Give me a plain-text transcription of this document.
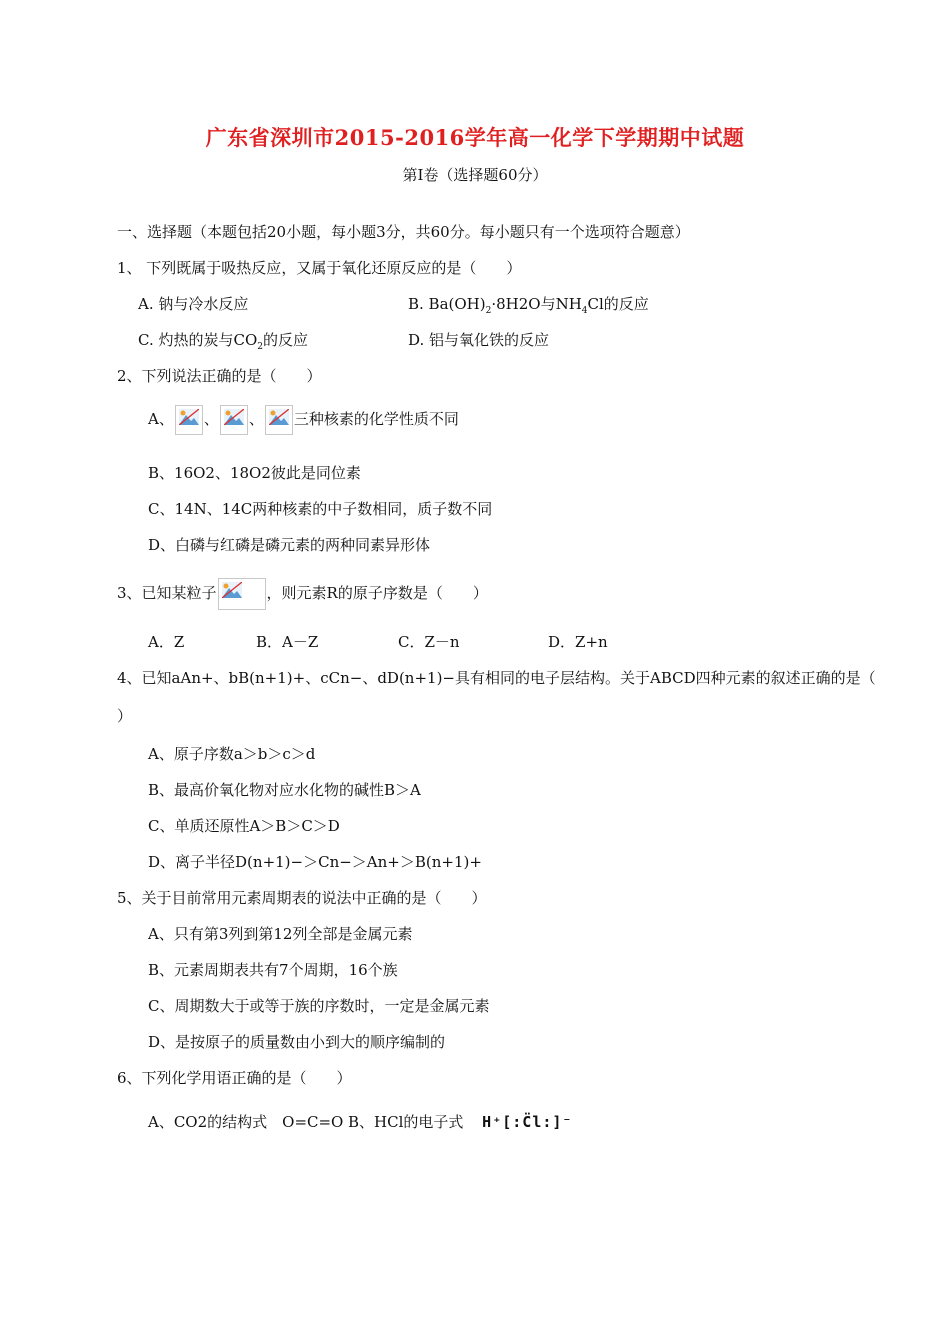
广东省深圳市2015-2016学年高一化学下学期期中试题
第Ⅰ卷（选择题60分）
一、选择题（本题包括20小题，每小题3分，共60分。每小题只有一个选项符合题意）
1、 下列既属于吸热反应，又属于氧化还原反应的是（　　）
A. 钠与冷水反应	B. $Ba(OH)_2\cdot 8H2O$与$NH_4Cl$的反应
C. 灼热的炭与$CO_2$的反应	D. 铝与氧化铁的反应
2、下列说法正确的是（　　）
A、 、 、 三种核素的化学性质不同
B、16O2、18O2彼此是同位素
C、14N、14C两种核素的中子数相同，质子数不同
D、白磷与红磷是磷元素的两种同素异形体
3、已知某粒子	，则元素R的原子序数是（　　）
A．Z	B．A－Z	C．Z－n	D．Z+n
4、已知aAn+、bB(n+1)+、cCn−、dD(n+1)−具有相同的电子层结构。关于ABCD四种元素的叙述正确的是（
）
A、原子序数a＞b＞c＞d
B、最高价氧化物对应水化物的碱性B＞A
C、单质还原性A＞B＞C＞D
D、离子半径D(n+1)−＞Cn−＞An+＞B(n+1)+
5、关于目前常用元素周期表的说法中正确的是（　　）
A、只有第3列到第12列全部是金属元素
B、元素周期表共有7个周期，16个族
C、周期数大于或等于族的序数时，一定是金属元素
D、是按原子的质量数由小到大的顺序编制的
6、下列化学用语正确的是（　　）
A、CO2的结构式　O=C=O B、HCl的电子式 H⁺[:C̈l:]⁻
